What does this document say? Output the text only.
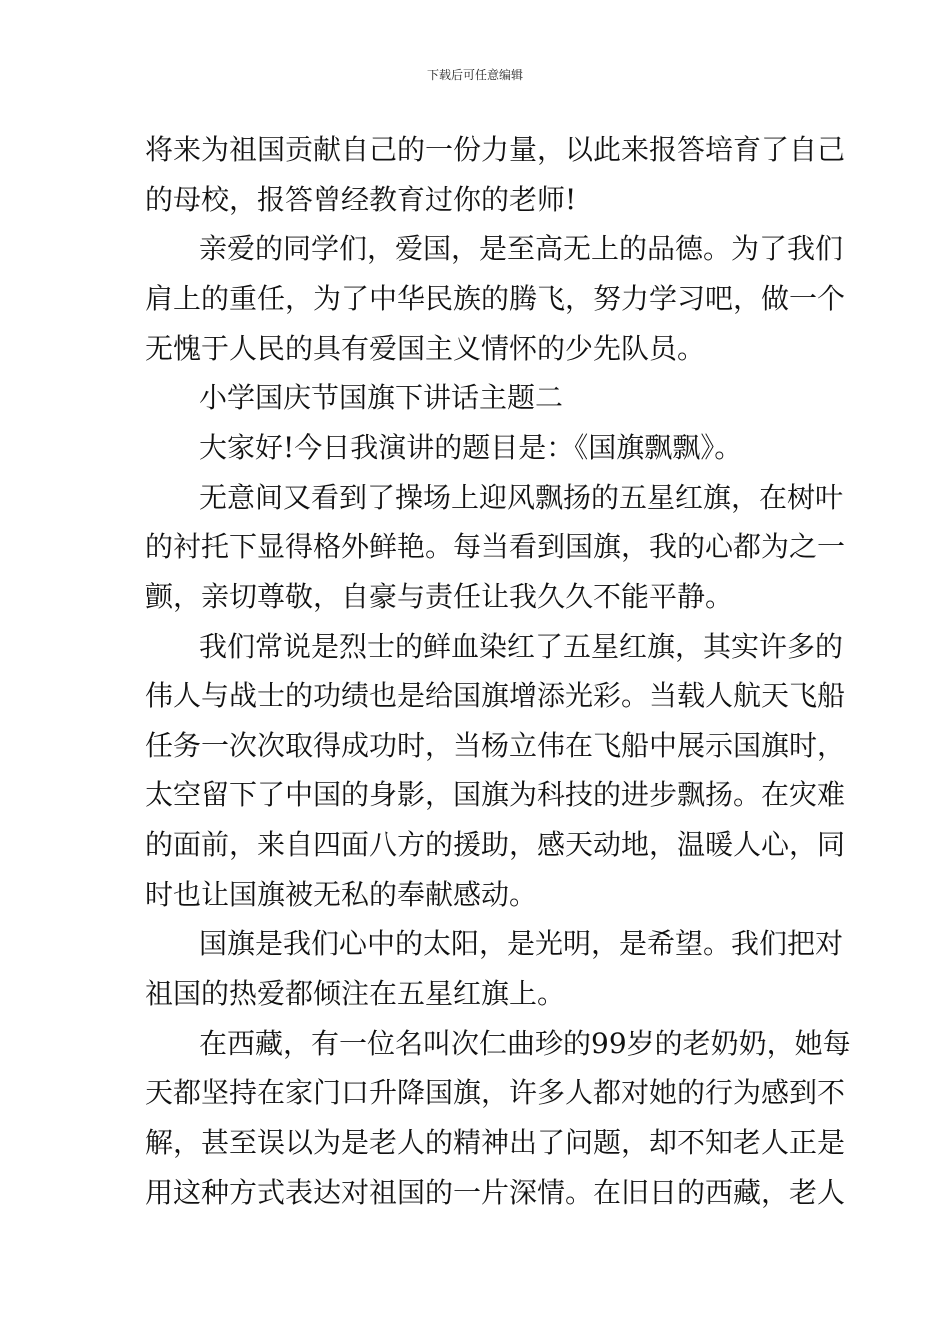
下载后可任意编辑
将来为祖国贡献自己的一份力量，以此来报答培育了自己
的母校，报答曾经教育过你的老师!
亲爱的同学们，爱国，是至高无上的品德。为了我们
肩上的重任，为了中华民族的腾飞，努力学习吧，做一个
无愧于人民的具有爱国主义情怀的少先队员。
小学国庆节国旗下讲话主题二
大家好!今日我演讲的题目是：《国旗飘飘》。
无意间又看到了操场上迎风飘扬的五星红旗，在树叶
的衬托下显得格外鲜艳。每当看到国旗，我的心都为之一
颤，亲切尊敬，自豪与责任让我久久不能平静。
我们常说是烈士的鲜血染红了五星红旗，其实许多的
伟人与战士的功绩也是给国旗增添光彩。当载人航天飞船
任务一次次取得成功时，当杨立伟在飞船中展示国旗时，
太空留下了中国的身影，国旗为科技的进步飘扬。在灾难
的面前，来自四面八方的援助，感天动地，温暖人心，同
时也让国旗被无私的奉献感动。
国旗是我们心中的太阳，是光明，是希望。我们把对
祖国的热爱都倾注在五星红旗上。
在西藏，有一位名叫次仁曲珍的99岁的老奶奶，她每
天都坚持在家门口升降国旗，许多人都对她的行为感到不
解，甚至误以为是老人的精神出了问题，却不知老人正是
用这种方式表达对祖国的一片深情。在旧日的西藏，老人
